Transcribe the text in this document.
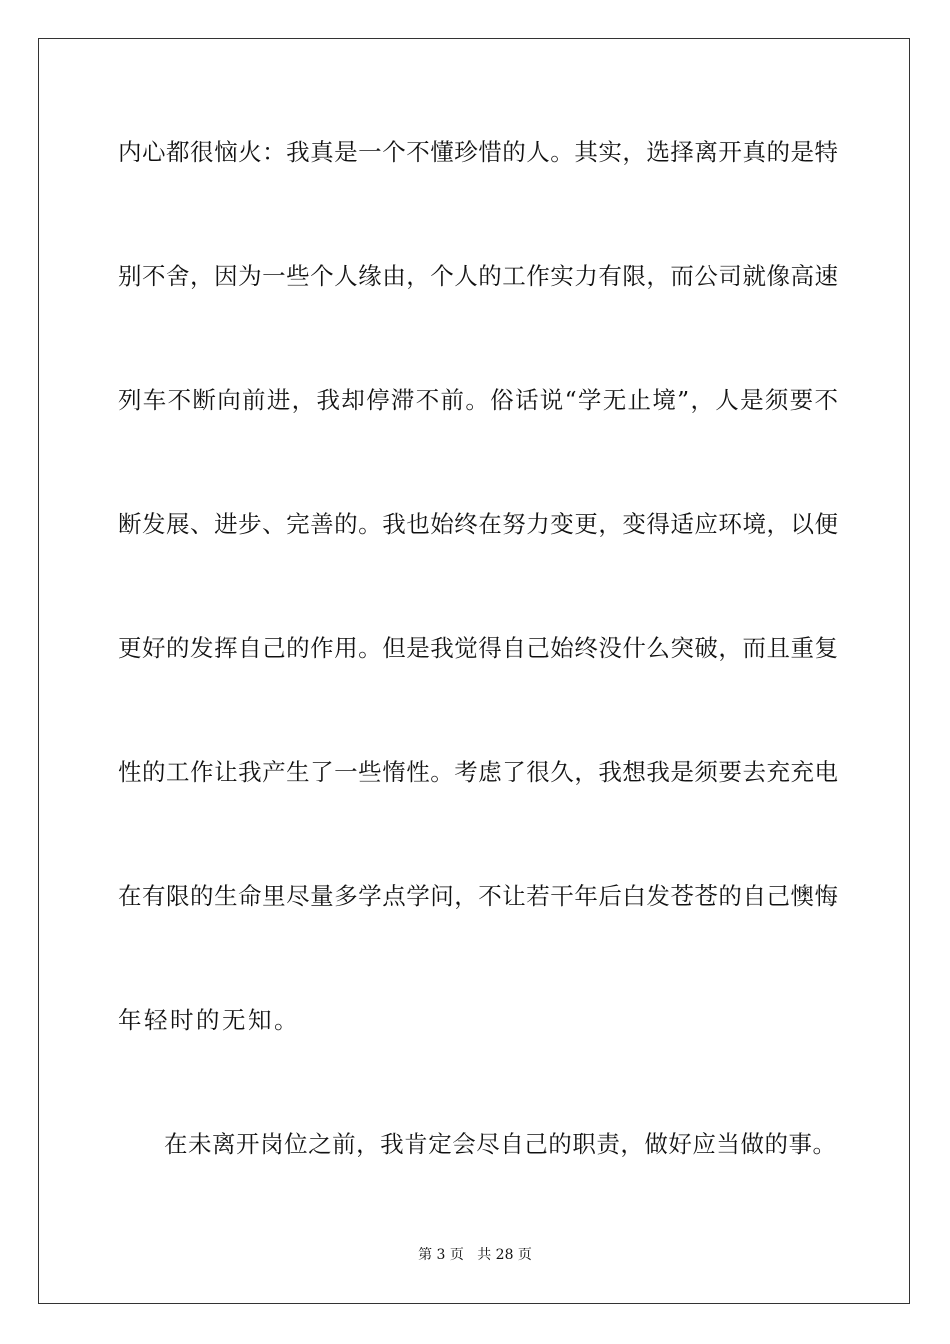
内心都很恼火：我真是一个不懂珍惜的人。其实，选择离开真的是特
别不舍，因为一些个人缘由，个人的工作实力有限，而公司就像高速
列车不断向前进，我却停滞不前。俗话说“学无止境”，人是须要不
断发展、进步、完善的。我也始终在努力变更，变得适应环境，以便
更好的发挥自己的作用。但是我觉得自己始终没什么突破，而且重复
性的工作让我产生了一些惰性。考虑了很久，我想我是须要去充充电
在有限的生命里尽量多学点学问，不让若干年后白发苍苍的自己懊悔
年轻时的无知。
在未离开岗位之前，我肯定会尽自己的职责，做好应当做的事。
第 3 页   共 28 页
